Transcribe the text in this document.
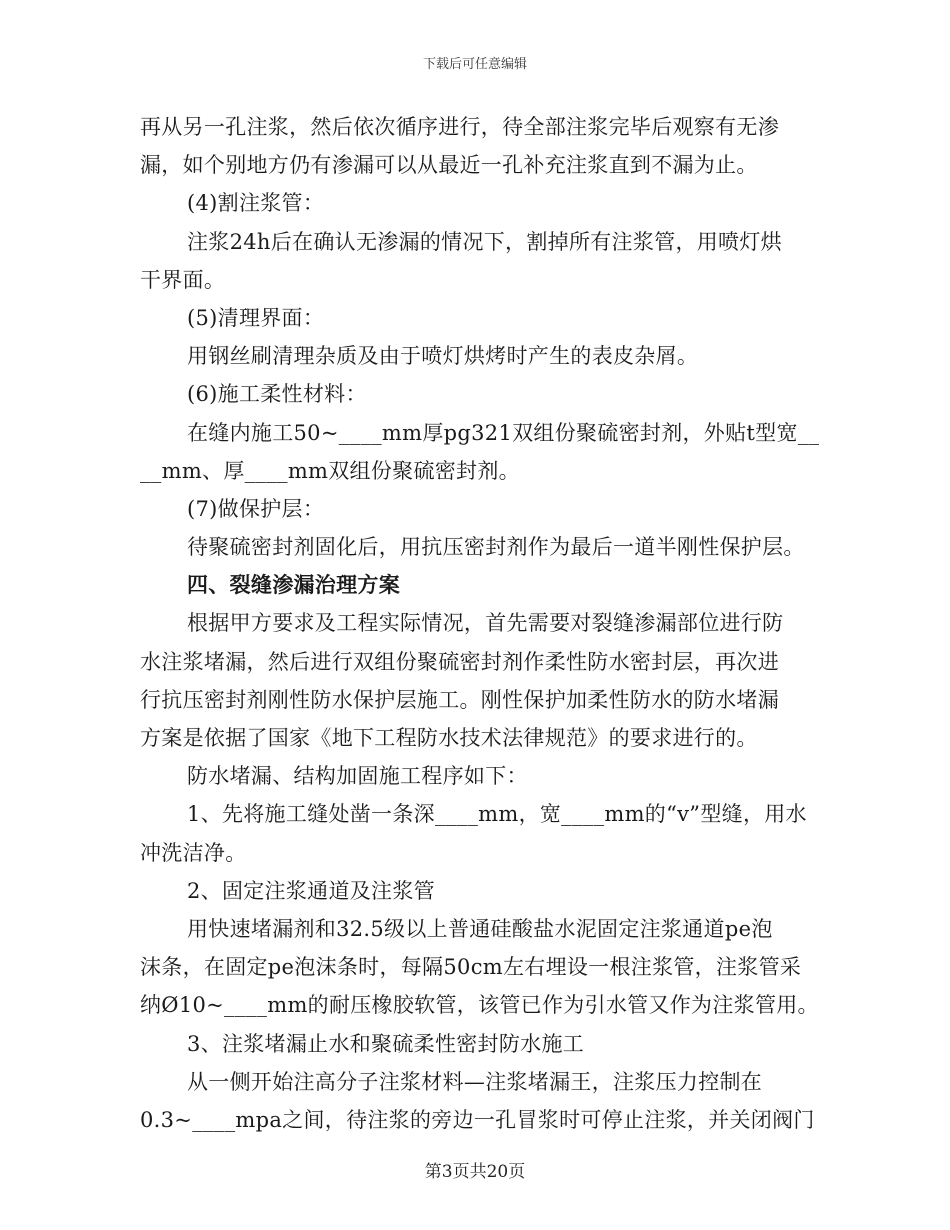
下载后可任意编辑
再从另一孔注浆，然后依次循序进行，待全部注浆完毕后观察有无渗
漏，如个别地方仍有渗漏可以从最近一孔补充注浆直到不漏为止。
(4)割注浆管：
注浆24h后在确认无渗漏的情况下，割掉所有注浆管，用喷灯烘
干界面。
(5)清理界面：
用钢丝刷清理杂质及由于喷灯烘烤时产生的表皮杂屑。
(6)施工柔性材料：
在缝内施工50~____mm厚pg321双组份聚硫密封剂，外贴t型宽__
__mm、厚____mm双组份聚硫密封剂。
(7)做保护层：
待聚硫密封剂固化后，用抗压密封剂作为最后一道半刚性保护层。
四、裂缝渗漏治理方案
根据甲方要求及工程实际情况，首先需要对裂缝渗漏部位进行防
水注浆堵漏，然后进行双组份聚硫密封剂作柔性防水密封层，再次进
行抗压密封剂刚性防水保护层施工。刚性保护加柔性防水的防水堵漏
方案是依据了国家《地下工程防水技术法律规范》的要求进行的。
防水堵漏、结构加固施工程序如下：
1、先将施工缝处凿一条深____mm，宽____mm的“v”型缝，用水
冲洗洁净。
2、固定注浆通道及注浆管
用快速堵漏剂和32.5级以上普通硅酸盐水泥固定注浆通道pe泡
沫条，在固定pe泡沫条时，每隔50cm左右埋设一根注浆管，注浆管采
纳Ø10~____mm的耐压橡胶软管，该管已作为引水管又作为注浆管用。
3、注浆堵漏止水和聚硫柔性密封防水施工
从一侧开始注高分子注浆材料—注浆堵漏王，注浆压力控制在
0.3~____mpa之间，待注浆的旁边一孔冒浆时可停止注浆，并关闭阀门
第3页共20页
